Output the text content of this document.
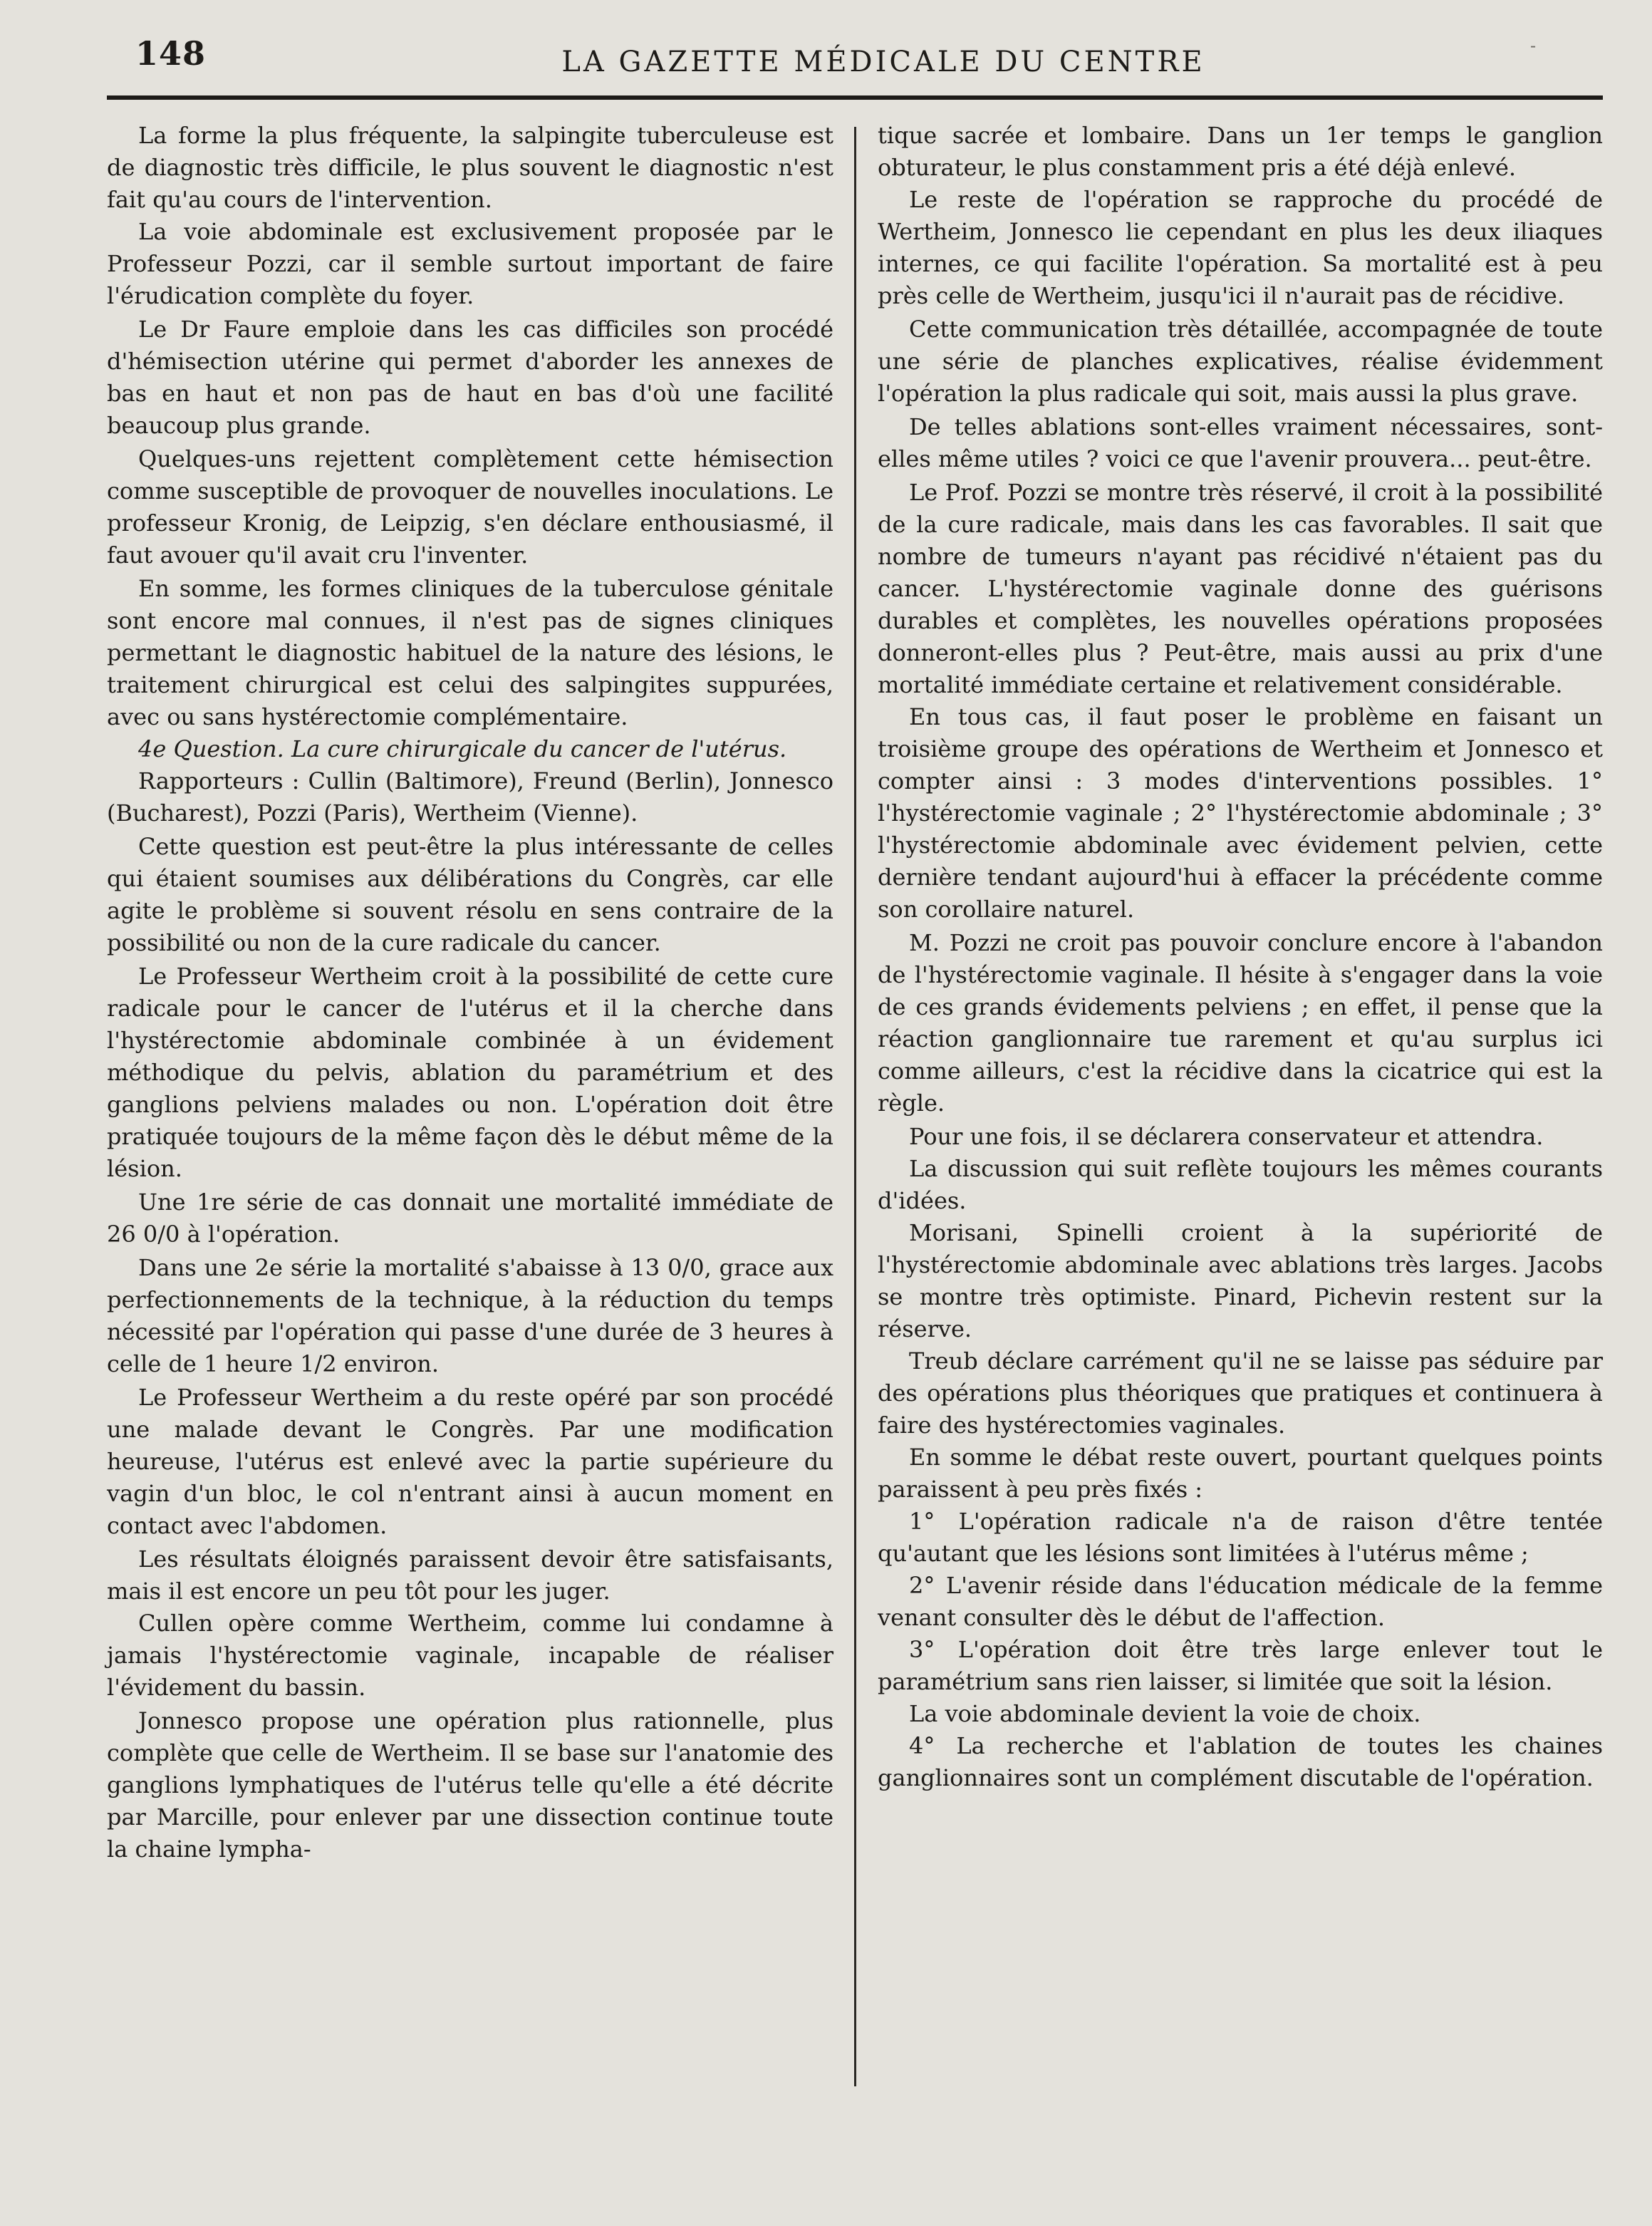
148	LA GAZETTE MÉDICALE DU CENTRE	-

La forme la plus fréquente, la salpingite tuberculeuse est de diagnostic très difficile, le plus souvent le diagnostic n'est fait qu'au cours de l'intervention.

La voie abdominale est exclusivement proposée par le Professeur Pozzi, car il semble surtout important de faire l'érudication complète du foyer.

Le Dr Faure emploie dans les cas difficiles son procédé d'hémisection utérine qui permet d'aborder les annexes de bas en haut et non pas de haut en bas d'où une facilité beaucoup plus grande.

Quelques-uns rejettent complètement cette hémisection comme susceptible de provoquer de nouvelles inoculations. Le professeur Kronig, de Leipzig, s'en déclare enthousiasmé, il faut avouer qu'il avait cru l'inventer.

En somme, les formes cliniques de la tuberculose génitale sont encore mal connues, il n'est pas de signes cliniques permettant le diagnostic habituel de la nature des lésions, le traitement chirurgical est celui des salpingites suppurées, avec ou sans hystérectomie complémentaire.

4e Question. La cure chirurgicale du cancer de l'utérus.

Rapporteurs : Cullin (Baltimore), Freund (Berlin), Jonnesco (Bucharest), Pozzi (Paris), Wertheim (Vienne).

Cette question est peut-être la plus intéressante de celles qui étaient soumises aux délibérations du Congrès, car elle agite le problème si souvent résolu en sens contraire de la possibilité ou non de la cure radicale du cancer.

Le Professeur Wertheim croit à la possibilité de cette cure radicale pour le cancer de l'utérus et il la cherche dans l'hystérectomie abdominale combinée à un évidement méthodique du pelvis, ablation du paramétrium et des ganglions pelviens malades ou non. L'opération doit être pratiquée toujours de la même façon dès le début même de la lésion.

Une 1re série de cas donnait une mortalité immédiate de 26 0/0 à l'opération.

Dans une 2e série la mortalité s'abaisse à 13 0/0, grace aux perfectionnements de la technique, à la réduction du temps nécessité par l'opération qui passe d'une durée de 3 heures à celle de 1 heure 1/2 environ.

Le Professeur Wertheim a du reste opéré par son procédé une malade devant le Congrès. Par une modification heureuse, l'utérus est enlevé avec la partie supérieure du vagin d'un bloc, le col n'entrant ainsi à aucun moment en contact avec l'abdomen.

Les résultats éloignés paraissent devoir être satisfaisants, mais il est encore un peu tôt pour les juger.

Cullen opère comme Wertheim, comme lui condamne à jamais l'hystérectomie vaginale, incapable de réaliser l'évidement du bassin.

Jonnesco propose une opération plus rationnelle, plus complète que celle de Wertheim. Il se base sur l'anatomie des ganglions lymphatiques de l'utérus telle qu'elle a été décrite par Marcille, pour enlever par une dissection continue toute la chaine lympha-

tique sacrée et lombaire. Dans un 1er temps le ganglion obturateur, le plus constamment pris a été déjà enlevé.

Le reste de l'opération se rapproche du procédé de Wertheim, Jonnesco lie cependant en plus les deux iliaques internes, ce qui facilite l'opération. Sa mortalité est à peu près celle de Wertheim, jusqu'ici il n'aurait pas de récidive.

Cette communication très détaillée, accompagnée de toute une série de planches explicatives, réalise évidemment l'opération la plus radicale qui soit, mais aussi la plus grave.

De telles ablations sont-elles vraiment nécessaires, sont-elles même utiles ? voici ce que l'avenir prouvera... peut-être.

Le Prof. Pozzi se montre très réservé, il croit à la possibilité de la cure radicale, mais dans les cas favorables. Il sait que nombre de tumeurs n'ayant pas récidivé n'étaient pas du cancer. L'hystérectomie vaginale donne des guérisons durables et complètes, les nouvelles opérations proposées donneront-elles plus ? Peut-être, mais aussi au prix d'une mortalité immédiate certaine et relativement considérable.

En tous cas, il faut poser le problème en faisant un troisième groupe des opérations de Wertheim et Jonnesco et compter ainsi : 3 modes d'interventions possibles. 1° l'hystérectomie vaginale ; 2° l'hystérectomie abdominale ; 3° l'hystérectomie abdominale avec évidement pelvien, cette dernière tendant aujourd'hui à effacer la précédente comme son corollaire naturel.

M. Pozzi ne croit pas pouvoir conclure encore à l'abandon de l'hystérectomie vaginale. Il hésite à s'engager dans la voie de ces grands évidements pelviens ; en effet, il pense que la réaction ganglionnaire tue rarement et qu'au surplus ici comme ailleurs, c'est la récidive dans la cicatrice qui est la règle.

Pour une fois, il se déclarera conservateur et attendra.

La discussion qui suit reflète toujours les mêmes courants d'idées.

Morisani, Spinelli croient à la supériorité de l'hystérectomie abdominale avec ablations très larges. Jacobs se montre très optimiste. Pinard, Pichevin restent sur la réserve.

Treub déclare carrément qu'il ne se laisse pas séduire par des opérations plus théoriques que pratiques et continuera à faire des hystérectomies vaginales.

En somme le débat reste ouvert, pourtant quelques points paraissent à peu près fixés :

1° L'opération radicale n'a de raison d'être tentée qu'autant que les lésions sont limitées à l'utérus même ;

2° L'avenir réside dans l'éducation médicale de la femme venant consulter dès le début de l'affection.

3° L'opération doit être très large enlever tout le paramétrium sans rien laisser, si limitée que soit la lésion.

La voie abdominale devient la voie de choix.

4° La recherche et l'ablation de toutes les chaines ganglionnaires sont un complément discutable de l'opération.
